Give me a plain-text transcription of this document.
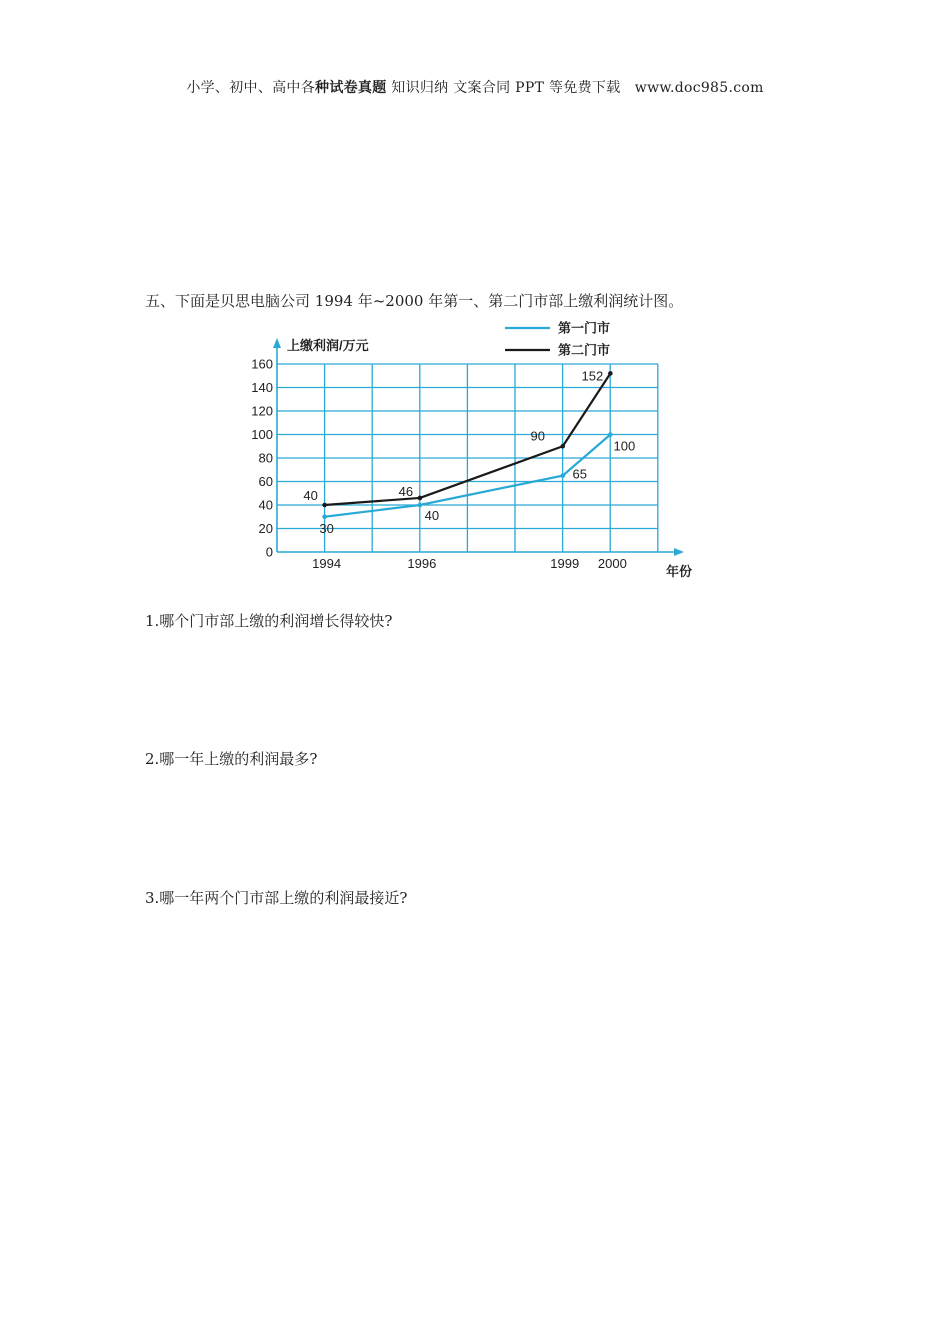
小学、初中、高中各种试卷真题 知识归纳 文案合同 PPT 等免费下载 www.doc985.com
五、下面是贝思电脑公司 1994 年~2000 年第一、第二门市部上缴利润统计图。
0
20
40
60
80
100
120
140
160
1994	1996	1999 2000
30
40
65
100
40	46
90
152
第一门市
第二门市
上缴利润/万元
年份
1.哪个门市部上缴的利润增长得较快?
2.哪一年上缴的利润最多?
3.哪一年两个门市部上缴的利润最接近?
